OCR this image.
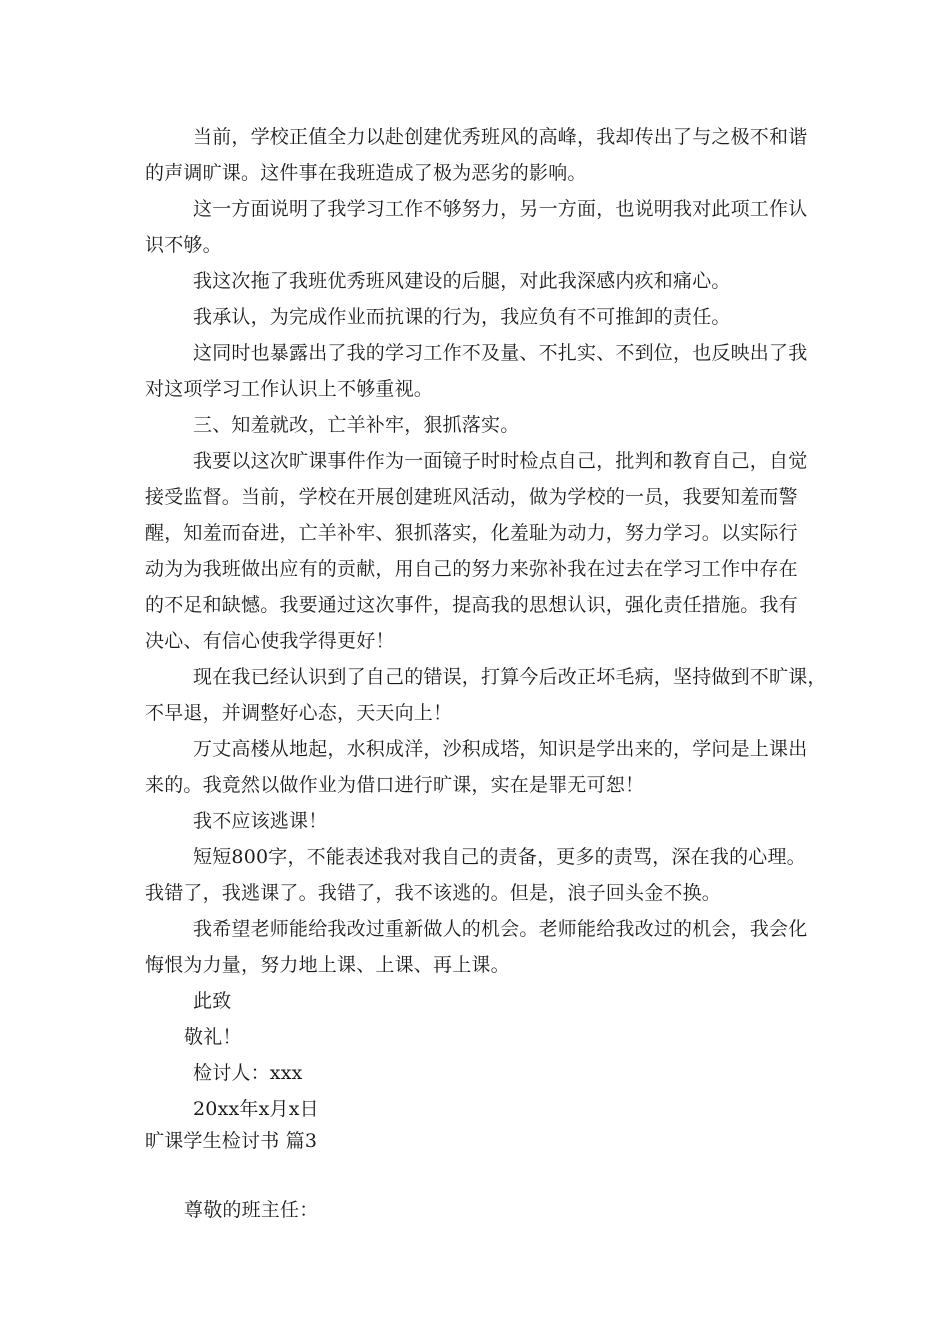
当前，学校正值全力以赴创建优秀班风的高峰，我却传出了与之极不和谐
的声调旷课。这件事在我班造成了极为恶劣的影响。
这一方面说明了我学习工作不够努力，另一方面，也说明我对此项工作认
识不够。
我这次拖了我班优秀班风建设的后腿，对此我深感内疚和痛心。
我承认，为完成作业而抗课的行为，我应负有不可推卸的责任。
这同时也暴露出了我的学习工作不及量、不扎实、不到位，也反映出了我
对这项学习工作认识上不够重视。
三、知羞就改，亡羊补牢，狠抓落实。
我要以这次旷课事件作为一面镜子时时检点自己，批判和教育自己，自觉
接受监督。当前，学校在开展创建班风活动，做为学校的一员，我要知羞而警
醒，知羞而奋进，亡羊补牢、狠抓落实，化羞耻为动力，努力学习。以实际行
动为为我班做出应有的贡献，用自己的努力来弥补我在过去在学习工作中存在
的不足和缺憾。我要通过这次事件，提高我的思想认识，强化责任措施。我有
决心、有信心使我学得更好！
现在我已经认识到了自己的错误，打算今后改正坏毛病，坚持做到不旷课，
不早退，并调整好心态，天天向上！
万丈高楼从地起，水积成洋，沙积成塔，知识是学出来的，学问是上课出
来的。我竟然以做作业为借口进行旷课，实在是罪无可恕！
我不应该逃课！
短短800字，不能表述我对我自己的责备，更多的责骂，深在我的心理。
我错了，我逃课了。我错了，我不该逃的。但是，浪子回头金不换。
我希望老师能给我改过重新做人的机会。老师能给我改过的机会，我会化
悔恨为力量，努力地上课、上课、再上课。
此致
敬礼！
检讨人：xxx
20xx年x月x日
旷课学生检讨书 篇3
尊敬的班主任：
